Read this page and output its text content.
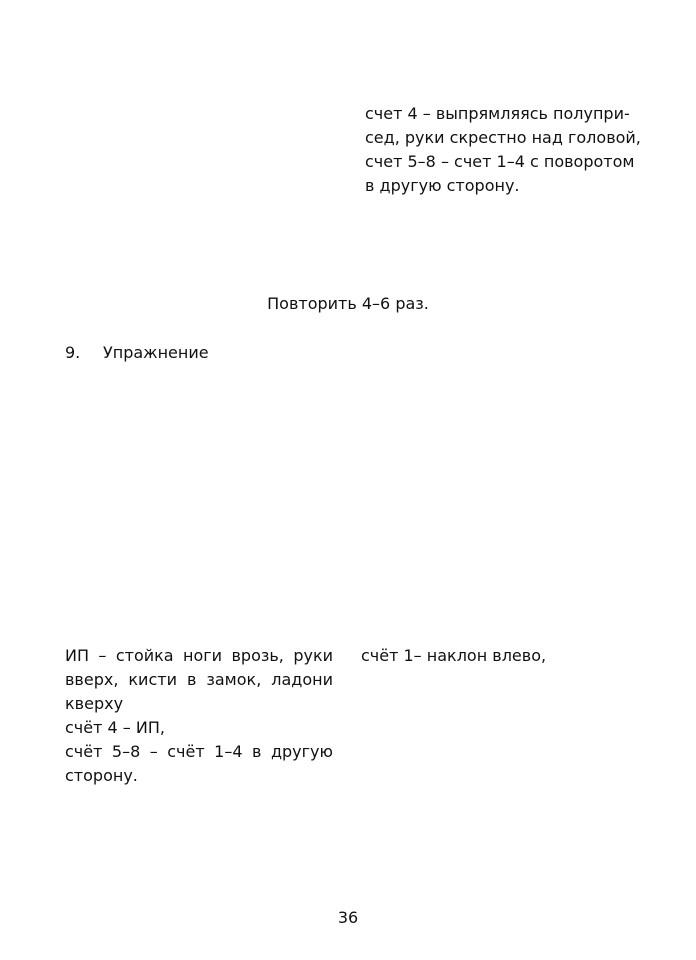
счет 4 – выпрямляясь полупри-
сед, руки скрестно над головой,
счет 5–8 – счет 1–4 с поворотом
в другую сторону.

Повторить 4–6 раз.

9. Упражнение
ИП – стойка ноги врозь, руки
вверх, кисти в замок, ладони
кверху
счёт 4 – ИП,
счёт 5–8 – счёт 1–4 в другую
сторону.
счёт 1– наклон влево,

36
